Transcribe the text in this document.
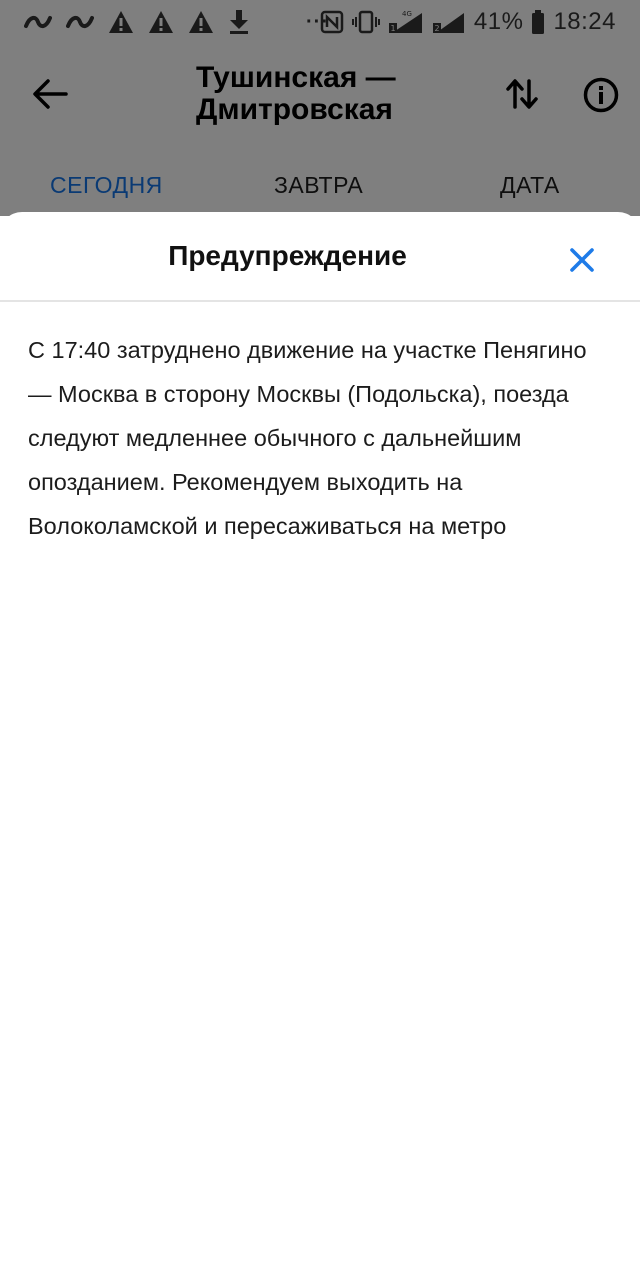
···	4G
1	2 41% 18:24
Тушинская — Дмитровская
СЕГОДНЯ	ЗАВТРА	ДАТА
Предупреждение
С 17:40 затруднено движение на участке Пенягино — Москва в сторону Москвы (Подольска), поезда следуют медленнее обычного с дальнейшим опозданием. Рекомендуем выходить на Волоколамской и пересаживаться на метро
